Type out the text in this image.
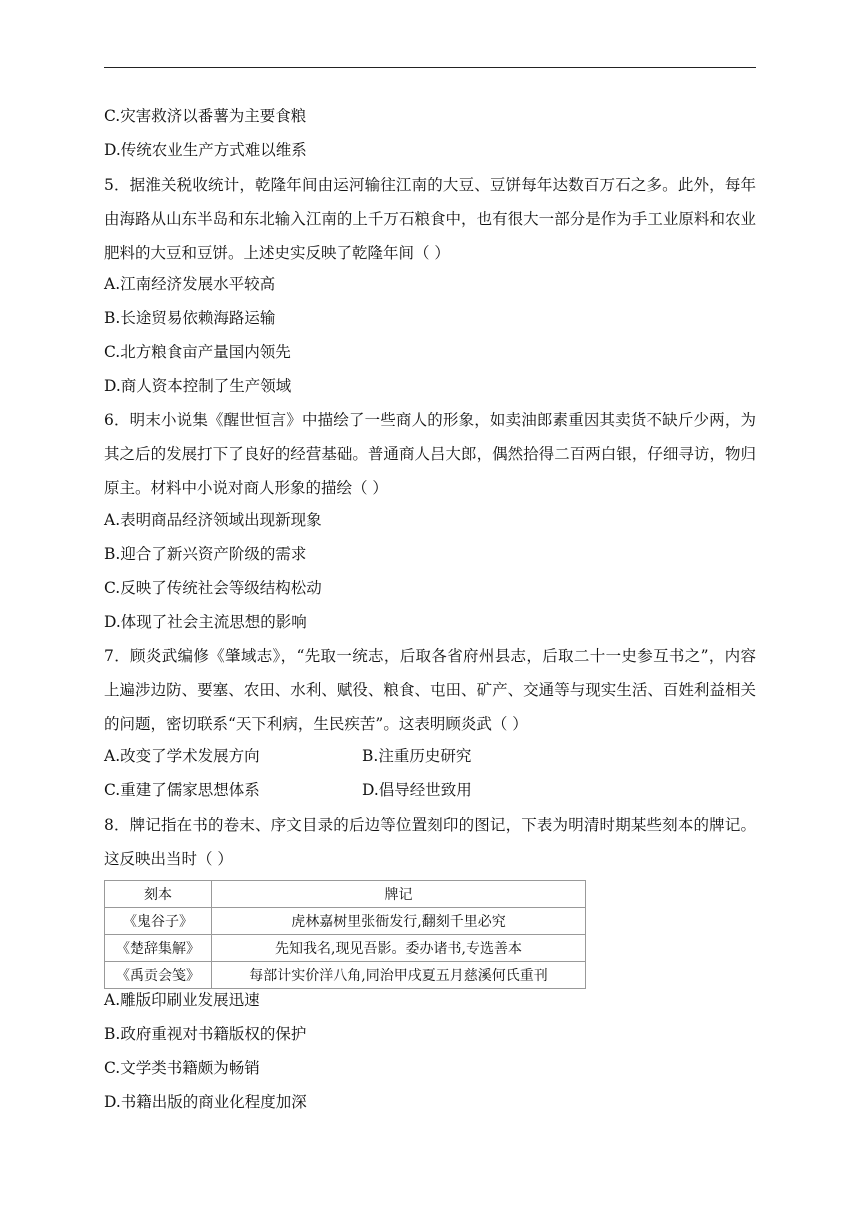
C.灾害救济以番薯为主要食粮
D.传统农业生产方式难以维系
5．据淮关税收统计，乾隆年间由运河输往江南的大豆、豆饼每年达数百万石之多。此外，每年由海路从山东半岛和东北输入江南的上千万石粮食中，也有很大一部分是作为手工业原料和农业肥料的大豆和豆饼。上述史实反映了乾隆年间（ ）
A.江南经济发展水平较高
B.长途贸易依赖海路运输
C.北方粮食亩产量国内领先
D.商人资本控制了生产领域
6．明末小说集《醒世恒言》中描绘了一些商人的形象，如卖油郎素重因其卖货不缺斤少两，为其之后的发展打下了良好的经营基础。普通商人吕大郎，偶然拾得二百两白银，仔细寻访，物归原主。材料中小说对商人形象的描绘（ ）
A.表明商品经济领域出现新现象
B.迎合了新兴资产阶级的需求
C.反映了传统社会等级结构松动
D.体现了社会主流思想的影响
7．顾炎武编修《肇域志》，“先取一统志，后取各省府州县志，后取二十一史参互书之”，内容上遍涉边防、要塞、农田、水利、赋役、粮食、屯田、矿产、交通等与现实生活、百姓利益相关的问题，密切联系“天下利病，生民疾苦”。这表明顾炎武（ ）
A.改变了学术发展方向	B.注重历史研究
C.重建了儒家思想体系	D.倡导经世致用
8．牌记指在书的卷末、序文目录的后边等位置刻印的图记，下表为明清时期某些刻本的牌记。这反映出当时（ ）
刻本	牌记
《鬼谷子》	虎林嘉树里张衙发行,翻刻千里必究
《楚辞集解》	先知我名,现见吾影。委办诸书,专选善本
《禹贡会笺》	每部计实价洋八角,同治甲戌夏五月慈溪何氏重刊
A.雕版印刷业发展迅速
B.政府重视对书籍版权的保护
C.文学类书籍颇为畅销
D.书籍出版的商业化程度加深
